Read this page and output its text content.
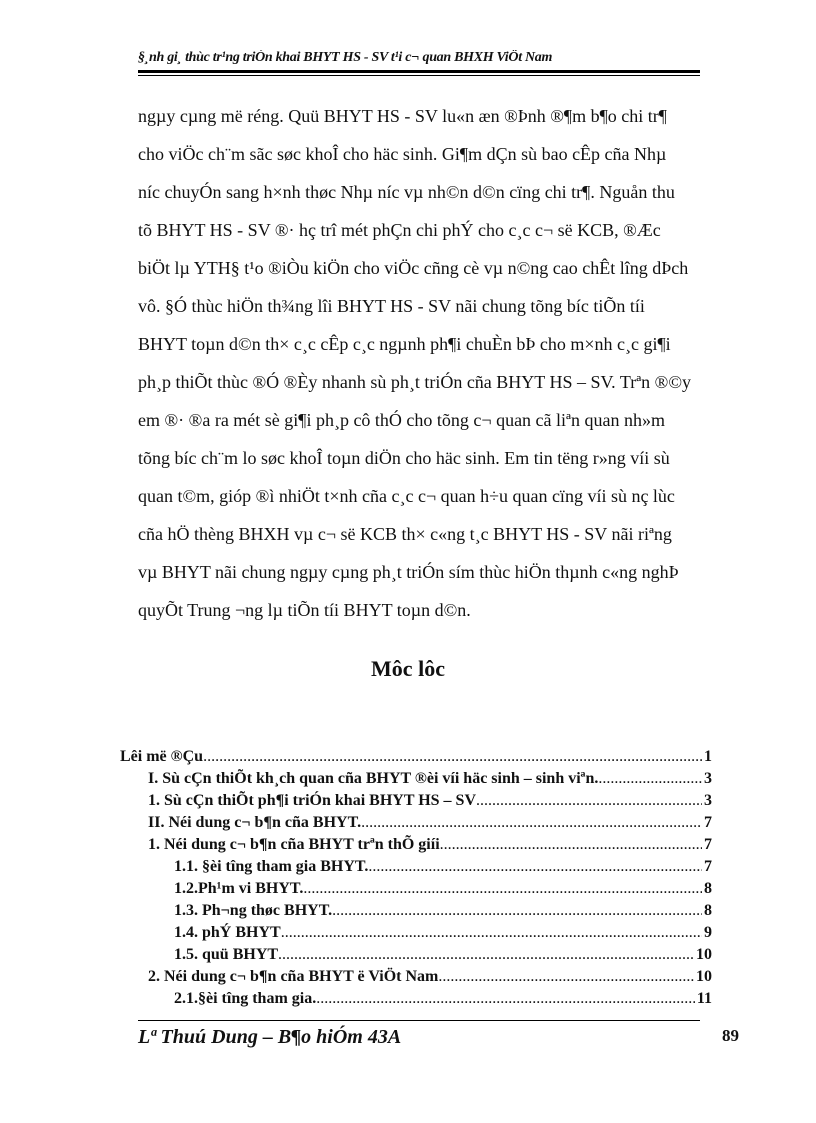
§¸nh gi¸ thùc tr¹ng triÓn khai BHYT HS - SV t¹i c¬ quan BHXH ViÖt Nam
ngµy cµng më réng. Quü BHYT HS - SV lu«n æn ®Þnh ®¶m b¶o chi tr¶
cho viÖc ch¨m sãc søc khoÎ cho häc sinh. Gi¶m dÇn sù bao cÊp cña Nhµ
níc chuyÓn sang h×nh thøc Nhµ níc vµ nh©n d©n cïng chi tr¶. Nguån thu
tõ BHYT HS - SV ®· hç trî mét phÇn chi phÝ cho c¸c c¬ së KCB, ®Æc
biÖt lµ YTH§ t¹o ®iÒu kiÖn cho viÖc cñng cè vµ n©ng cao chÊt lîng dÞch
vô. §Ó thùc hiÖn th¾ng lîi BHYT HS - SV nãi chung tõng bíc tiÕn tíi
BHYT toµn d©n th× c¸c cÊp c¸c ngµnh ph¶i chuÈn bÞ cho m×nh c¸c gi¶i
ph¸p thiÕt thùc ®Ó ®Èy nhanh sù ph¸t triÓn cña BHYT HS – SV. Trªn ®©y
em ®· ®a ra mét sè gi¶i ph¸p cô thÓ cho tõng c¬ quan cã liªn quan nh»m
tõng bíc ch¨m lo søc khoÎ toµn diÖn cho häc sinh. Em tin tëng r»ng víi sù
quan t©m, gióp ®ì nhiÖt t×nh cña c¸c c¬ quan h÷u quan cïng víi sù nç lùc
cña hÖ thèng BHXH vµ c¬ së KCB th× c«ng t¸c BHYT HS - SV nãi riªng
vµ BHYT nãi chung ngµy cµng ph¸t triÓn sím thùc hiÖn thµnh c«ng nghÞ
quyÕt Trung ¬ng lµ tiÕn tíi BHYT toµn d©n.
Môc lôc
Lêi më ®Çu .....	1
I. Sù cÇn thiÕt kh¸ch quan cña BHYT ®èi víi häc sinh – sinh viªn. .....	3
1. Sù cÇn thiÕt ph¶i triÓn khai BHYT HS – SV .....	3
II. Néi dung c¬ b¶n cña BHYT. .....	7
1. Néi dung c¬ b¶n cña BHYT trªn thÕ giíi .....	7
1.1. §èi tîng tham gia BHYT. .....	7
1.2.Ph¹m vi BHYT. .....	8
1.3. Ph¬ng thøc BHYT. .....	8
1.4. phÝ BHYT .....	9
1.5. quü BHYT .....	10
2. Néi dung c¬ b¶n cña BHYT ë ViÖt Nam .....	10
2.1.§èi tîng tham gia. .....	11
Lª Thuú Dung – B¶o hiÓm 43A	89
